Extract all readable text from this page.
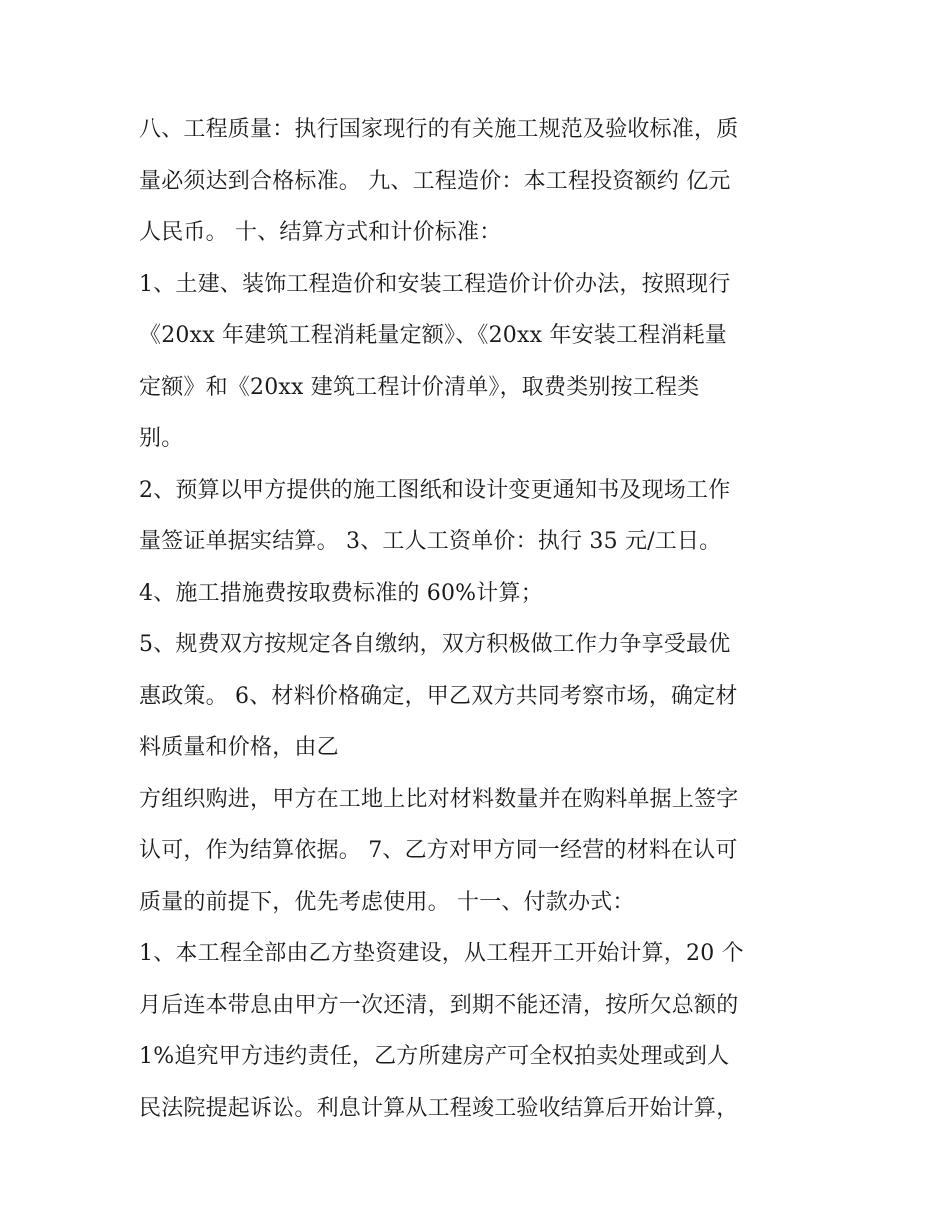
八、工程质量：执行国家现行的有关施工规范及验收标准，质
量必须达到合格标准。 九、工程造价：本工程投资额约 亿元
人民币。 十、结算方式和计价标准：
1、土建、装饰工程造价和安装工程造价计价办法，按照现行
《20xx 年建筑工程消耗量定额》、《20xx 年安装工程消耗量
定额》和《20xx 建筑工程计价清单》，取费类别按工程类
别。
2、预算以甲方提供的施工图纸和设计变更通知书及现场工作
量签证单据实结算。 3、工人工资单价：执行 35 元/工日。
4、施工措施费按取费标准的 60%计算；
5、规费双方按规定各自缴纳，双方积极做工作力争享受最优
惠政策。 6、材料价格确定，甲乙双方共同考察市场，确定材
料质量和价格，由乙
方组织购进，甲方在工地上比对材料数量并在购料单据上签字
认可，作为结算依据。 7、乙方对甲方同一经营的材料在认可
质量的前提下，优先考虑使用。 十一、付款办式：
1、本工程全部由乙方垫资建设，从工程开工开始计算，20 个
月后连本带息由甲方一次还清，到期不能还清，按所欠总额的
1%追究甲方违约责任，乙方所建房产可全权拍卖处理或到人
民法院提起诉讼。利息计算从工程竣工验收结算后开始计算，
